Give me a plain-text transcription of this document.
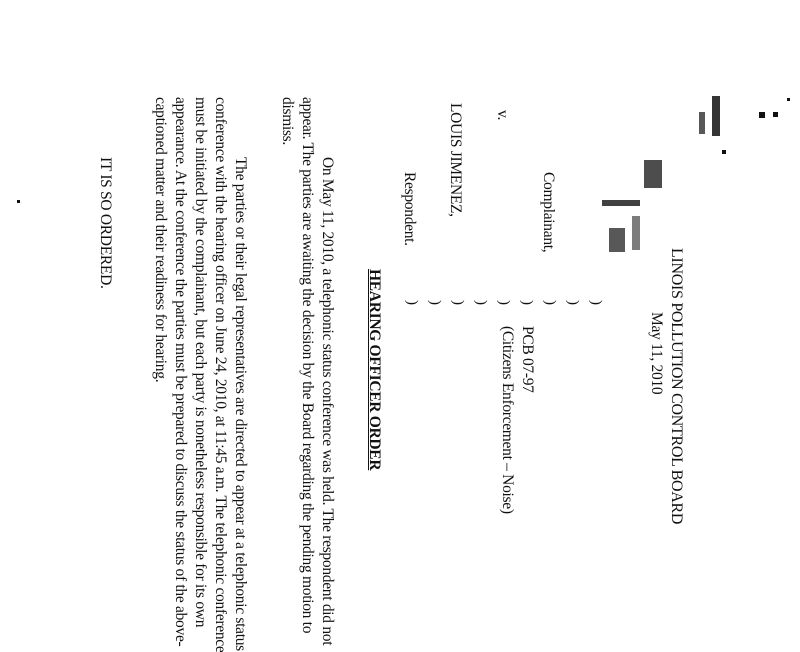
LINOIS POLLUTION CONTROL BOARD
May 11, 2010
Complainant,
v.
LOUIS JIMENEZ,
Respondent.
)
)
)
)
)
)
)
)
)
PCB 07-97
(Citizens Enforcement – Noise)
HEARING OFFICER ORDER
On May 11, 2010, a telephonic status conference was held. The respondent did not
appear. The parties are awaiting the decision by the Board regarding the pending motion to
dismiss.
The parties or their legal representatives are directed to appear at a telephonic status
conference with the hearing officer on June 24, 2010, at 11:45 a.m. The telephonic conference
must be initiated by the complainant, but each party is nonetheless responsible for its own
appearance. At the conference the parties must be prepared to discuss the status of the above-
captioned matter and their readiness for hearing.
IT IS SO ORDERED.
